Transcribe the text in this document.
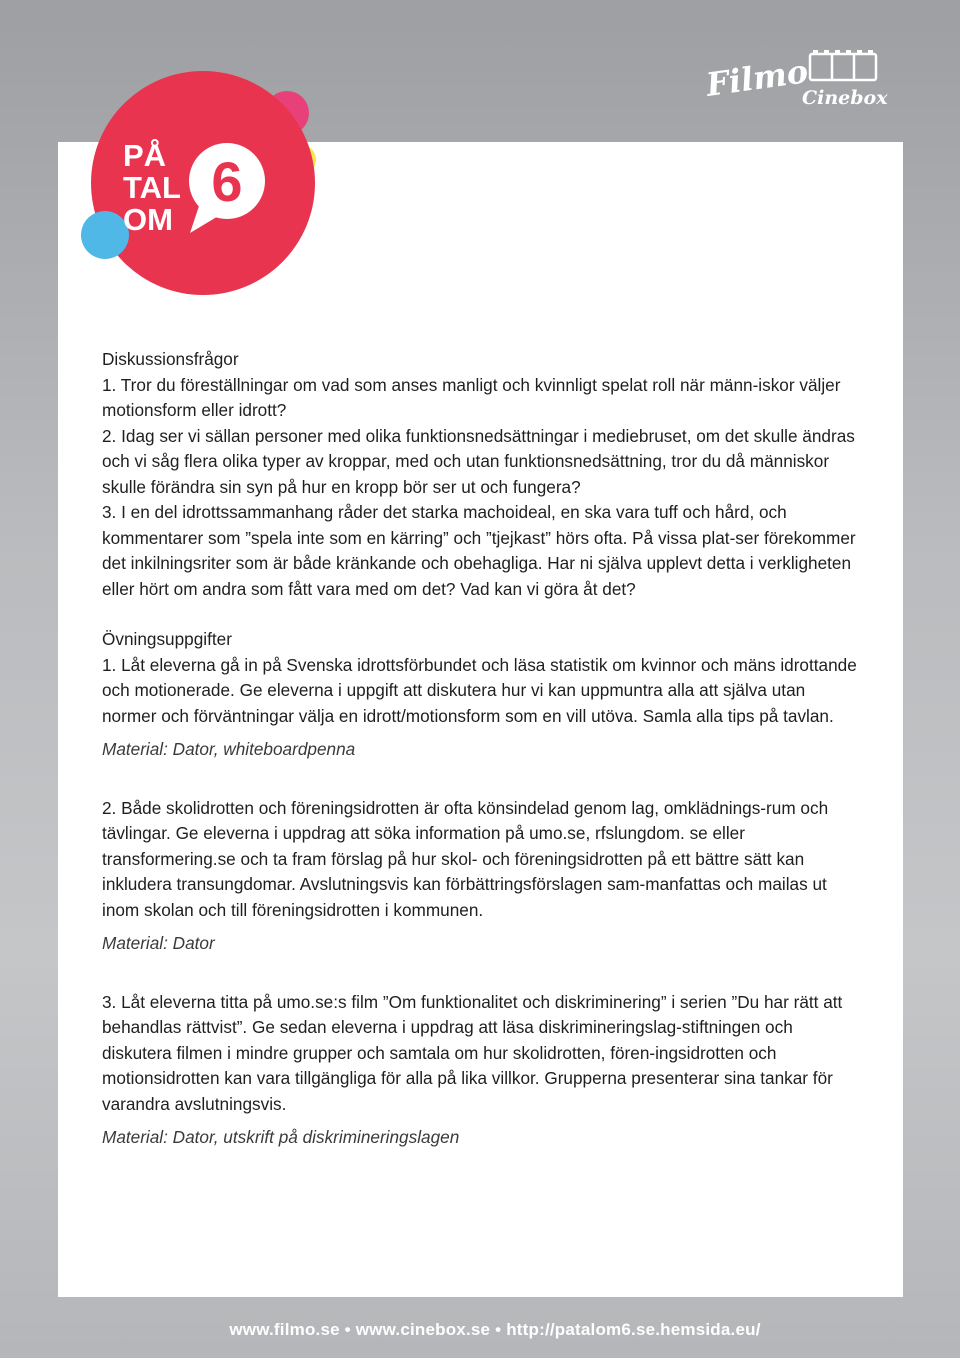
6
PÅ
TAL
OM
Filmo
Cinebox

Diskussionsfrågor

1. Tror du föreställningar om vad som anses manligt och kvinnligt spelat roll när männ-iskor väljer motionsform eller idrott?

2. Idag ser vi sällan personer med olika funktionsnedsättningar i mediebruset, om det skulle ändras och vi såg flera olika typer av kroppar, med och utan funktionsnedsättning, tror du då människor skulle förändra sin syn på hur en kropp bör ser ut och fungera?

3. I en del idrottssammanhang råder det starka machoideal, en ska vara tuff och hård, och kommentarer som ”spela inte som en kärring” och ”tjejkast” hörs ofta. På vissa plat-ser förekommer det inkilningsriter som är både kränkande och obehagliga. Har ni själva upplevt detta i verkligheten eller hört om andra som fått vara med om det? Vad kan vi göra åt det?

Övningsuppgifter

1. Låt eleverna gå in på Svenska idrottsförbundet och läsa statistik om kvinnor och mäns idrottande och motionerade. Ge eleverna i uppgift att diskutera hur vi kan uppmuntra alla att själva utan normer och förväntningar välja en idrott/motionsform som en vill utöva. Samla alla tips på tavlan.

Material: Dator, whiteboardpenna

2. Både skolidrotten och föreningsidrotten är ofta könsindelad genom lag, omklädnings-rum och tävlingar. Ge eleverna i uppdrag att söka information på umo.se, rfslungdom. se eller transformering.se och ta fram förslag på hur skol- och föreningsidrotten på ett bättre sätt kan inkludera transungdomar. Avslutningsvis kan förbättringsförslagen sam-manfattas och mailas ut inom skolan och till föreningsidrotten i kommunen.

Material: Dator

3. Låt eleverna titta på umo.se:s film ”Om funktionalitet och diskriminering” i serien ”Du har rätt att behandlas rättvist”. Ge sedan eleverna i uppdrag att läsa diskrimineringslag-stiftningen och diskutera filmen i mindre grupper och samtala om hur skolidrotten, fören-ingsidrotten och motionsidrotten kan vara tillgängliga för alla på lika villkor. Grupperna presenterar sina tankar för varandra avslutningsvis.

Material: Dator, utskrift på diskrimineringslagen

www.filmo.se • www.cinebox.se • http://patalom6.se.hemsida.eu/
